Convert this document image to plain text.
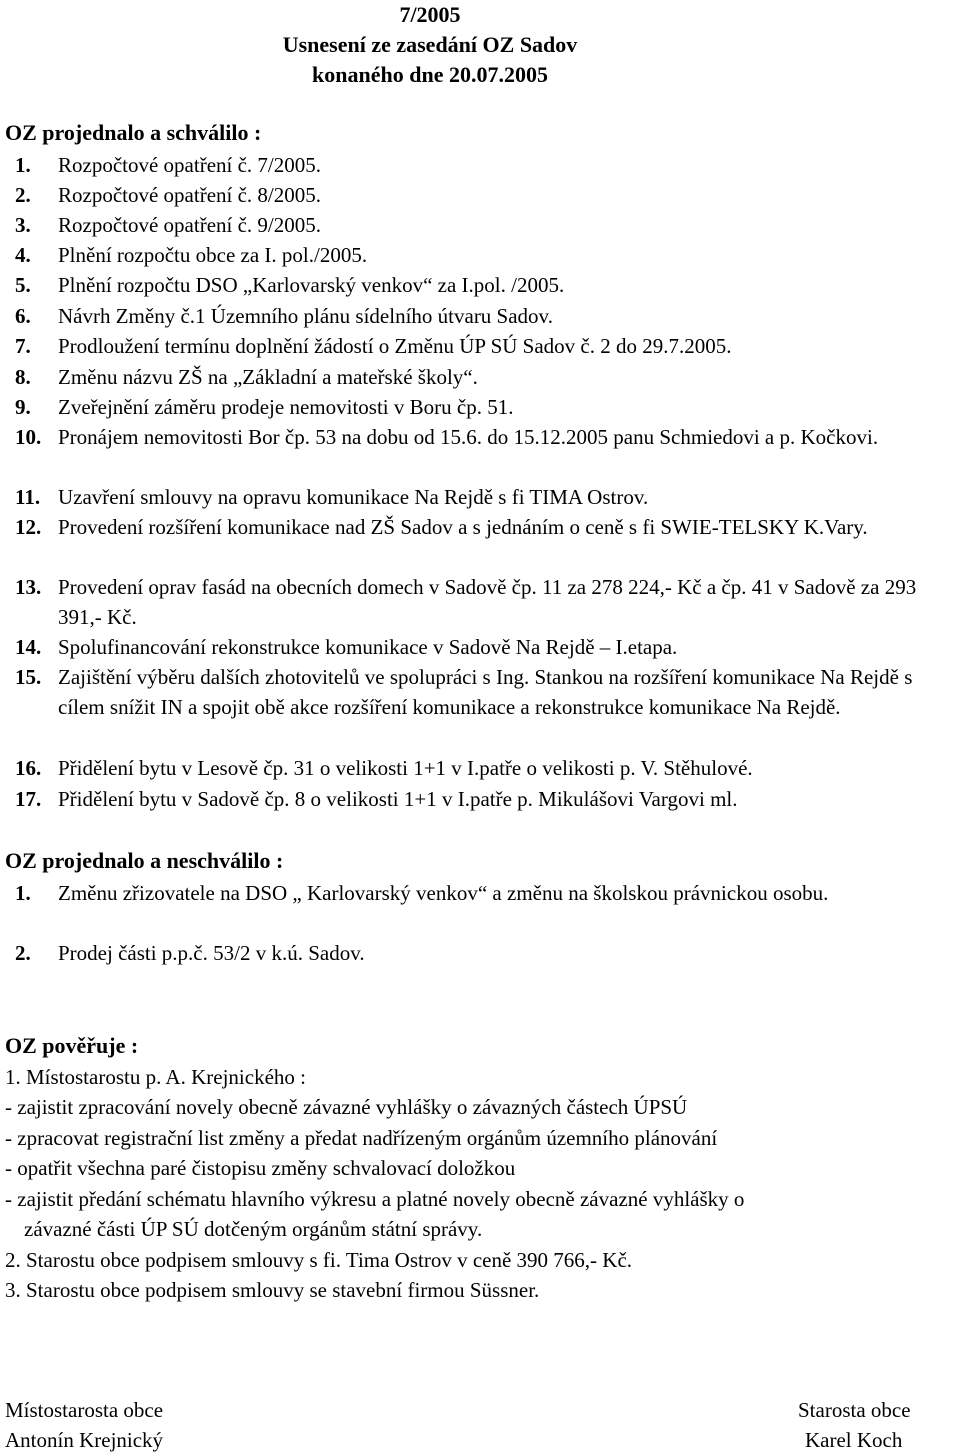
7/2005
Usnesení ze zasedání OZ Sadov
konaného dne 20.07.2005
OZ projednalo a schválilo :
1. Rozpočtové opatření č. 7/2005.
2. Rozpočtové opatření č. 8/2005.
3. Rozpočtové opatření č. 9/2005.
4. Plnění rozpočtu obce za I. pol./2005.
5. Plnění rozpočtu DSO „Karlovarský venkov“ za I.pol. /2005.
6. Návrh Změny č.1 Územního plánu sídelního útvaru Sadov.
7. Prodloužení termínu doplnění žádostí o Změnu ÚP SÚ Sadov č. 2 do 29.7.2005.
8. Změnu názvu ZŠ na „Základní a mateřské školy“.
9. Zveřejnění záměru prodeje nemovitosti v Boru čp. 51.
10. Pronájem nemovitosti Bor čp. 53 na dobu od 15.6. do 15.12.2005 panu Schmiedovi a p. Kočkovi.
11. Uzavření smlouvy na opravu komunikace Na Rejdě s fi TIMA Ostrov.
12. Provedení rozšíření komunikace nad ZŠ Sadov a s jednáním o ceně s fi SWIE-TELSKY K.Vary.
13. Provedení oprav fasád na obecních domech v Sadově čp. 11 za 278 224,- Kč a čp. 41 v Sadově za 293 391,- Kč.
14. Spolufinancování rekonstrukce komunikace v Sadově Na Rejdě – I.etapa.
15. Zajištění výběru dalších zhotovitelů ve spolupráci s Ing. Stankou na rozšíření komunikace Na Rejdě s cílem snížit IN a spojit obě akce rozšíření komunikace a rekonstrukce komunikace Na Rejdě.
16. Přidělení bytu v Lesově čp. 31 o velikosti 1+1 v I.patře o velikosti p. V. Stěhulové.
17. Přidělení bytu v Sadově čp. 8 o velikosti 1+1 v I.patře p. Mikulášovi Vargovi ml.
OZ projednalo a neschválilo :
1. Změnu zřizovatele na DSO „ Karlovarský venkov“ a změnu na školskou právnickou osobu.
2. Prodej části p.p.č. 53/2 v k.ú. Sadov.
OZ pověřuje :
1. Místostarostu p. A. Krejnického :
- zajistit zpracování novely obecně závazné vyhlášky o závazných částech ÚPSÚ
- zpracovat registrační list změny a předat nadřízeným orgánům územního plánování
- opatřit všechna paré čistopisu změny schvalovací doložkou
- zajistit předání schématu hlavního výkresu a platné novely obecně závazné vyhlášky o
závazné části ÚP SÚ dotčeným orgánům státní správy.
2. Starostu obce podpisem smlouvy s fi. Tima Ostrov v ceně 390 766,- Kč.
3. Starostu obce podpisem smlouvy se stavební firmou Süssner.
Místostarosta obce
Antonín Krejnický
Starosta obce
Karel Koch
